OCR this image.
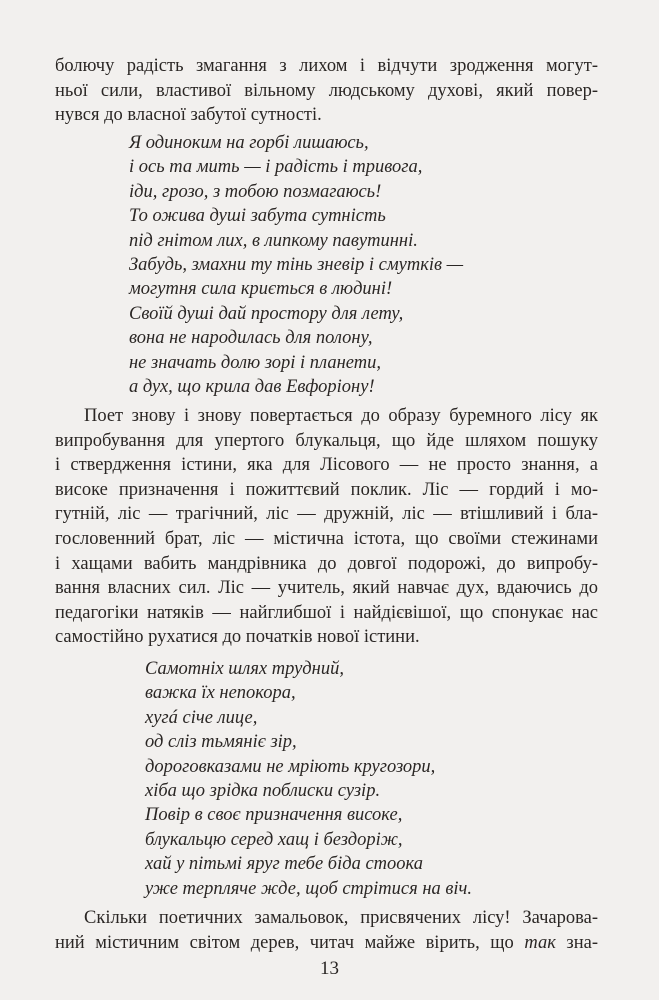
болючу радість змагання з лихом і відчути зродження могут-
ньої сили, властивої вільному людському духові, який повер-
нувся до власної забутої сутності.
Я одиноким на горбі лишаюсь,
і ось та мить — і радість і тривога,
іди, грозо, з тобою позмагаюсь!
То ожива душі забута сутність
під гнітом лих, в липкому павутинні.
Забудь, змахни ту тінь зневір і смутків —
могутня сила криється в людині!
Своїй душі дай простору для лету,
вона не народилась для полону,
не значать долю зорі і планети,
а дух, що крила дав Евфоріону!
Поет знову і знову повертається до образу буремного лісу як
випробування для упертого блукальця, що йде шляхом пошуку
і ствердження істини, яка для Лісового — не просто знання, а
високе призначення і пожиттєвий поклик. Ліс — гордий і мо-
гутній, ліс — трагічний, ліс — дружній, ліс — втішливий і бла-
гословенний брат, ліс — містична істота, що своїми стежинами
і хащами вабить мандрівника до довгої подорожі, до випробу-
вання власних сил. Ліс — учитель, який навчає дух, вдаючись до
педагогіки натяків — найглибшої і найдієвішої, що спонукає нас
самостійно рухатися до початків нової істини.
Самотніх шлях трудний,
важка їх непокора,
хугá січе лице,
од сліз тьмяніє зір,
дороговказами не мріють кругозори,
хіба що зрідка поблиски сузір.
Повір в своє призначення високе,
блукальцю серед хащ і бездоріж,
хай у пітьмі яруг тебе біда стоока
уже терпляче жде, щоб стрітися на віч.
Скільки поетичних замальовок, присвячених лісу! Зачарова-
ний містичним світом дерев, читач майже вірить, що так зна-
13
